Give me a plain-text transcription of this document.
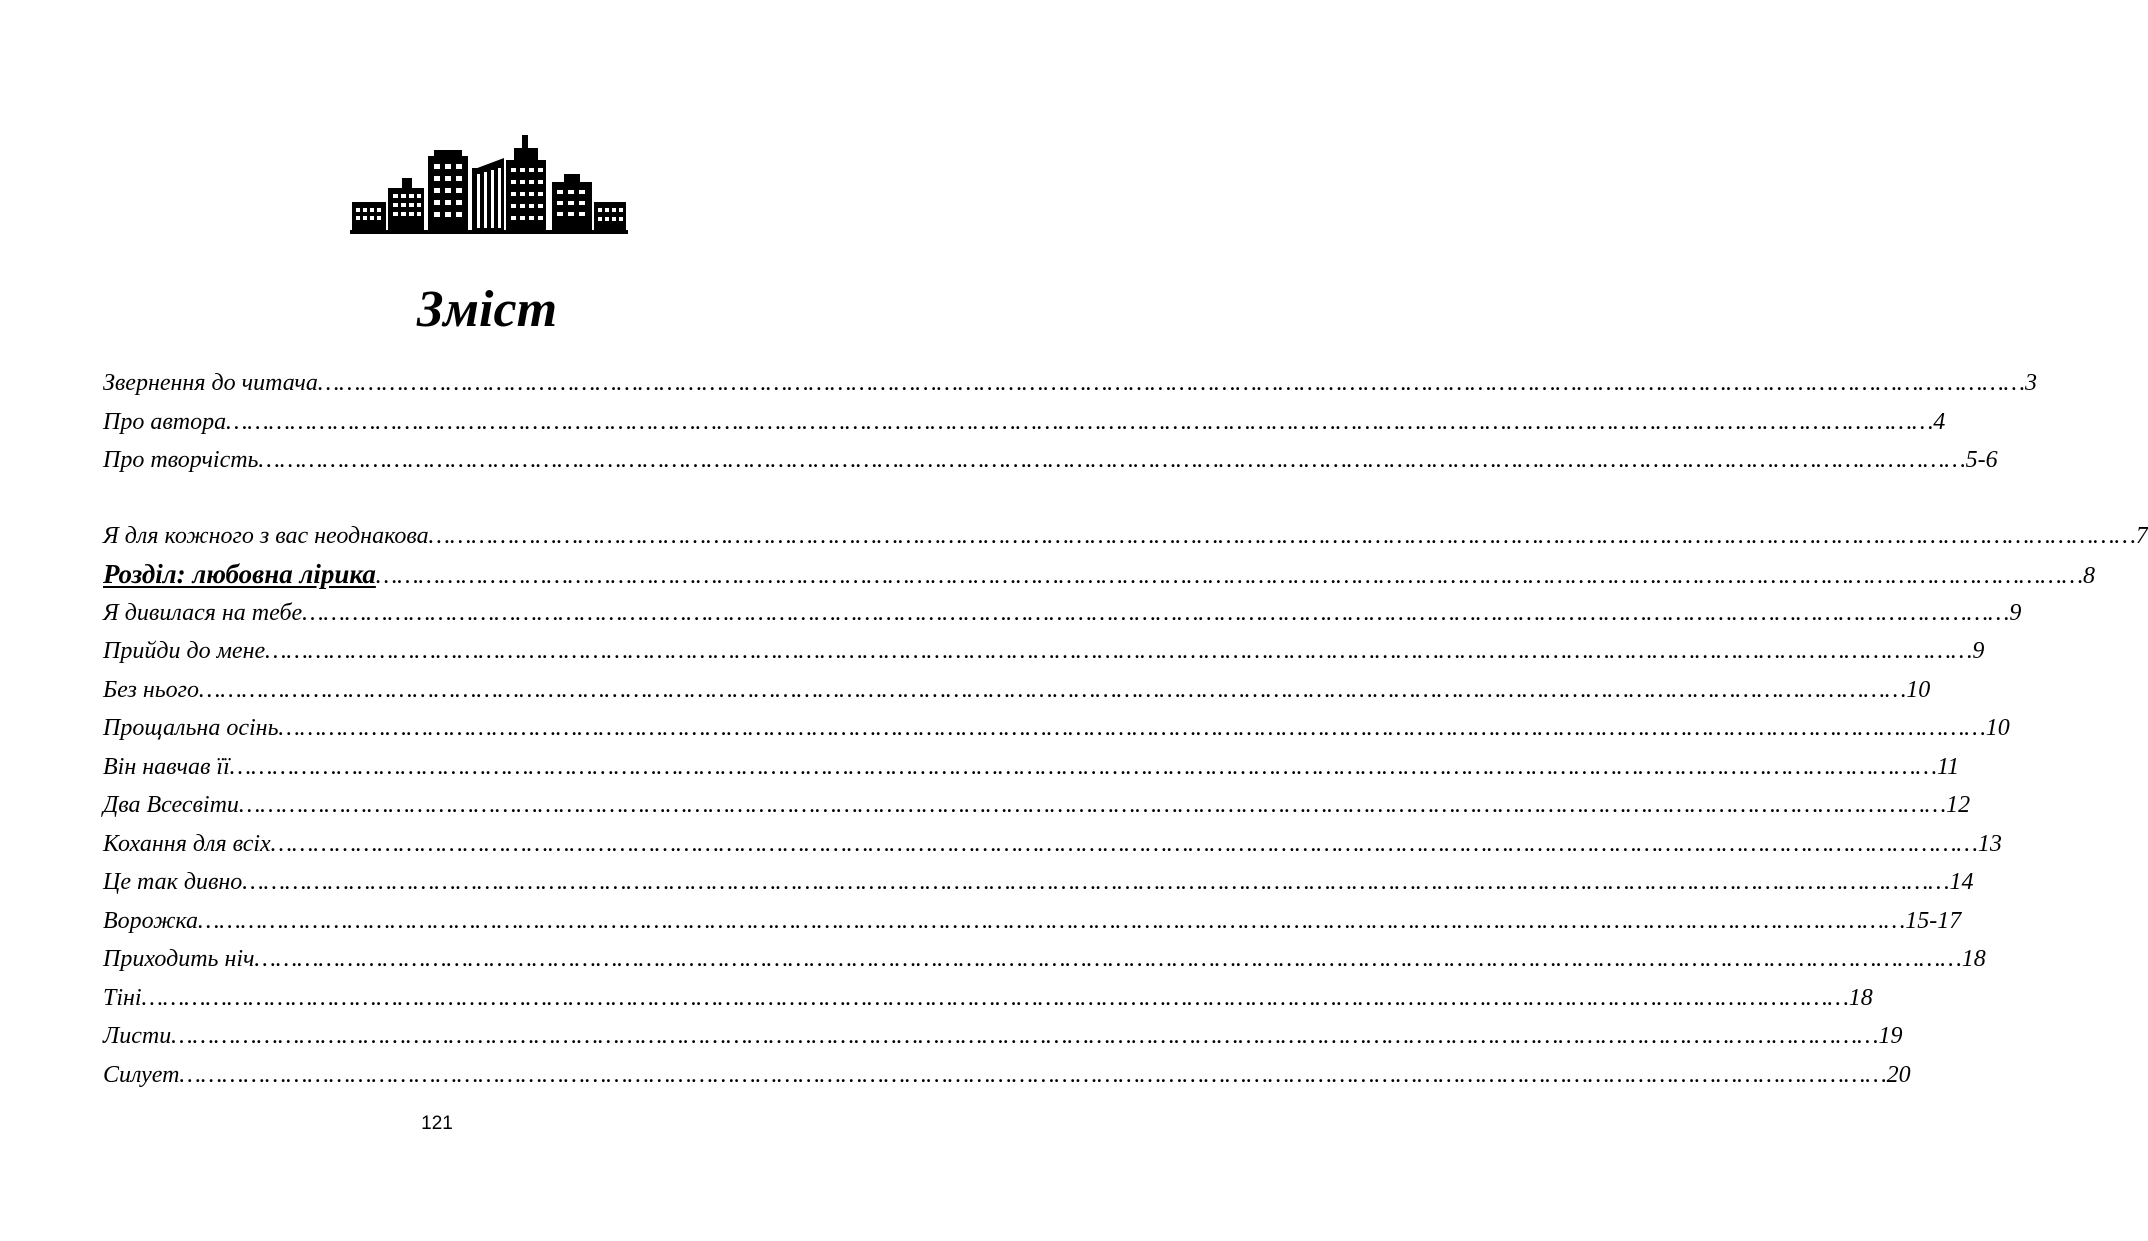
Зміст
Звернення до читача …………………………………………………………………………………………………………………………………………………………………………………………………………………… 3
Про автора …………………………………………………………………………………………………………………………………………………………………………………………………………………… 4
Про творчість …………………………………………………………………………………………………………………………………………………………………………………………………………………… 5-6
Я для кожного з вас неоднакова …………………………………………………………………………………………………………………………………………………………………………………………………………………… 7
Розділ: любовна лірика …………………………………………………………………………………………………………………………………………………………………………………………………………………… 8
Я дивилася на тебе …………………………………………………………………………………………………………………………………………………………………………………………………………………… 9
Прийди до мене …………………………………………………………………………………………………………………………………………………………………………………………………………………… 9
Без нього …………………………………………………………………………………………………………………………………………………………………………………………………………………… 10
Прощальна осінь …………………………………………………………………………………………………………………………………………………………………………………………………………………… 10
Він навчав її …………………………………………………………………………………………………………………………………………………………………………………………………………………… 11
Два Всесвіти …………………………………………………………………………………………………………………………………………………………………………………………………………………… 12
Кохання для всіх …………………………………………………………………………………………………………………………………………………………………………………………………………………… 13
Це так дивно …………………………………………………………………………………………………………………………………………………………………………………………………………………… 14
Ворожка …………………………………………………………………………………………………………………………………………………………………………………………………………………… 15-17
Приходить ніч …………………………………………………………………………………………………………………………………………………………………………………………………………………… 18
Тіні …………………………………………………………………………………………………………………………………………………………………………………………………………………… 18
Листи …………………………………………………………………………………………………………………………………………………………………………………………………………………… 19
Силует …………………………………………………………………………………………………………………………………………………………………………………………………………………… 20
121
